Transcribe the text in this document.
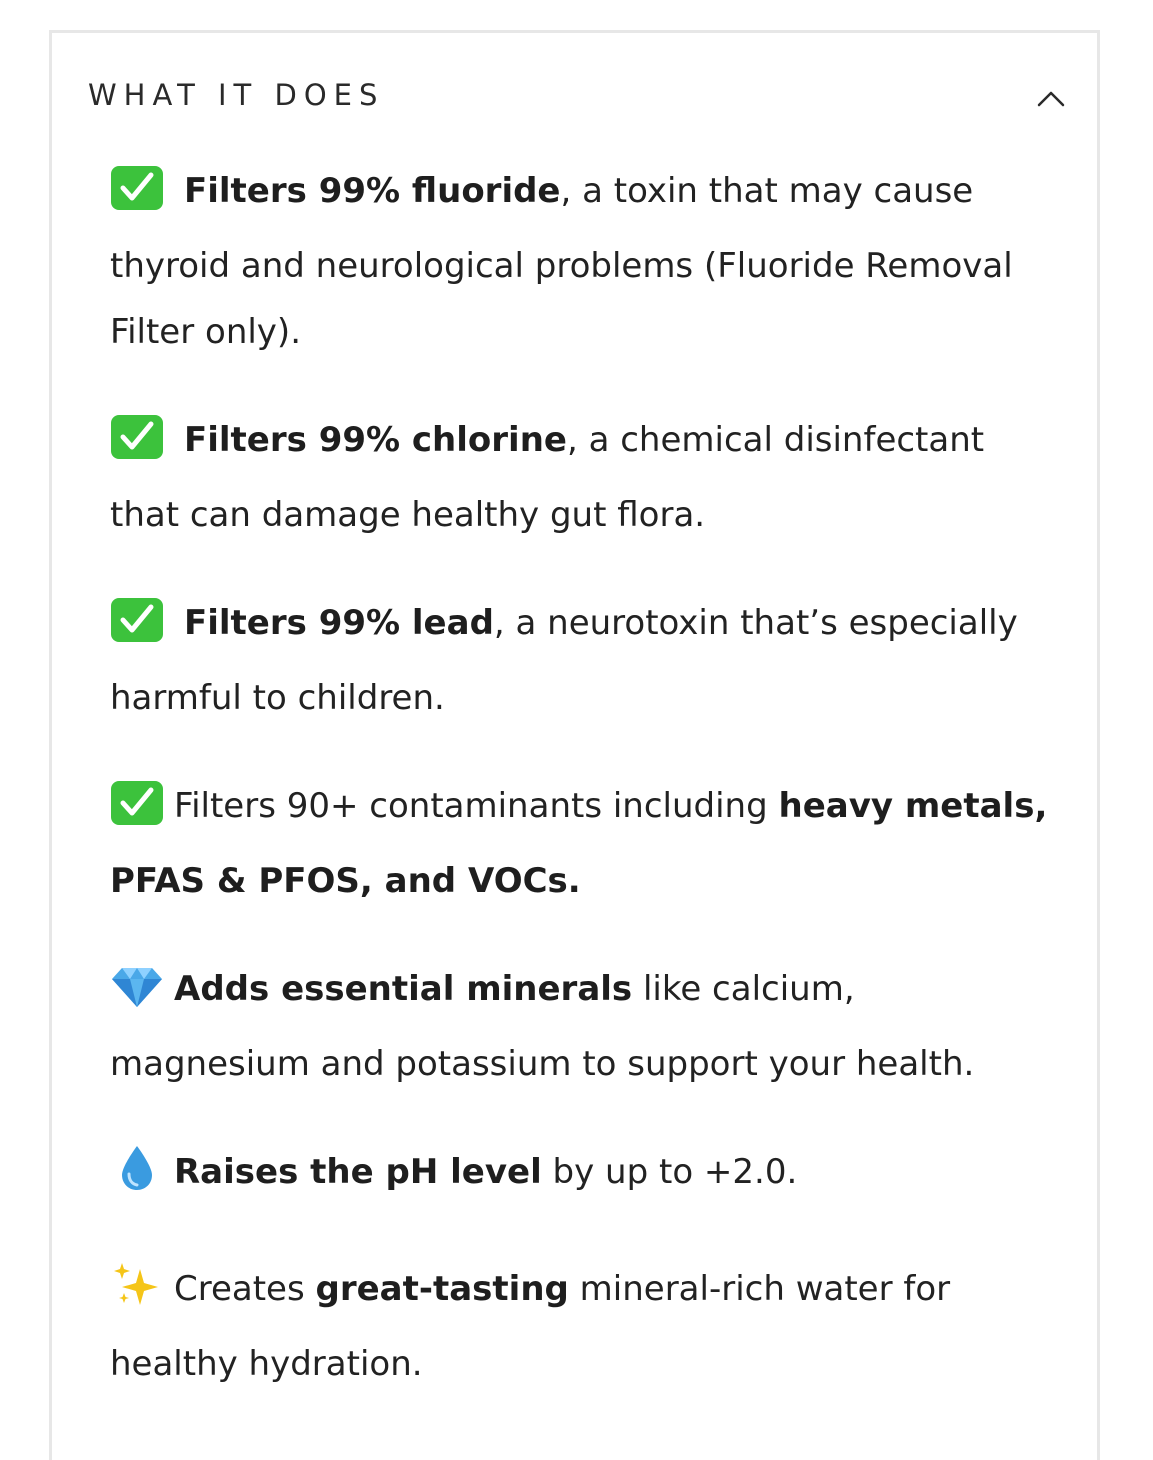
WHAT IT DOES

Filters 99% fluoride, a toxin that may cause thyroid and neurological problems (Fluoride Removal Filter only).

Filters 99% chlorine, a chemical disinfectant that can damage healthy gut flora.

Filters 99% lead, a neurotoxin that’s especially harmful to children.

Filters 90+ contaminants including heavy metals, PFAS & PFOS, and VOCs.

Adds essential minerals like calcium, magnesium and potassium to support your health.

Raises the pH level by up to +2.0.

Creates great-tasting mineral-rich water for healthy hydration.
